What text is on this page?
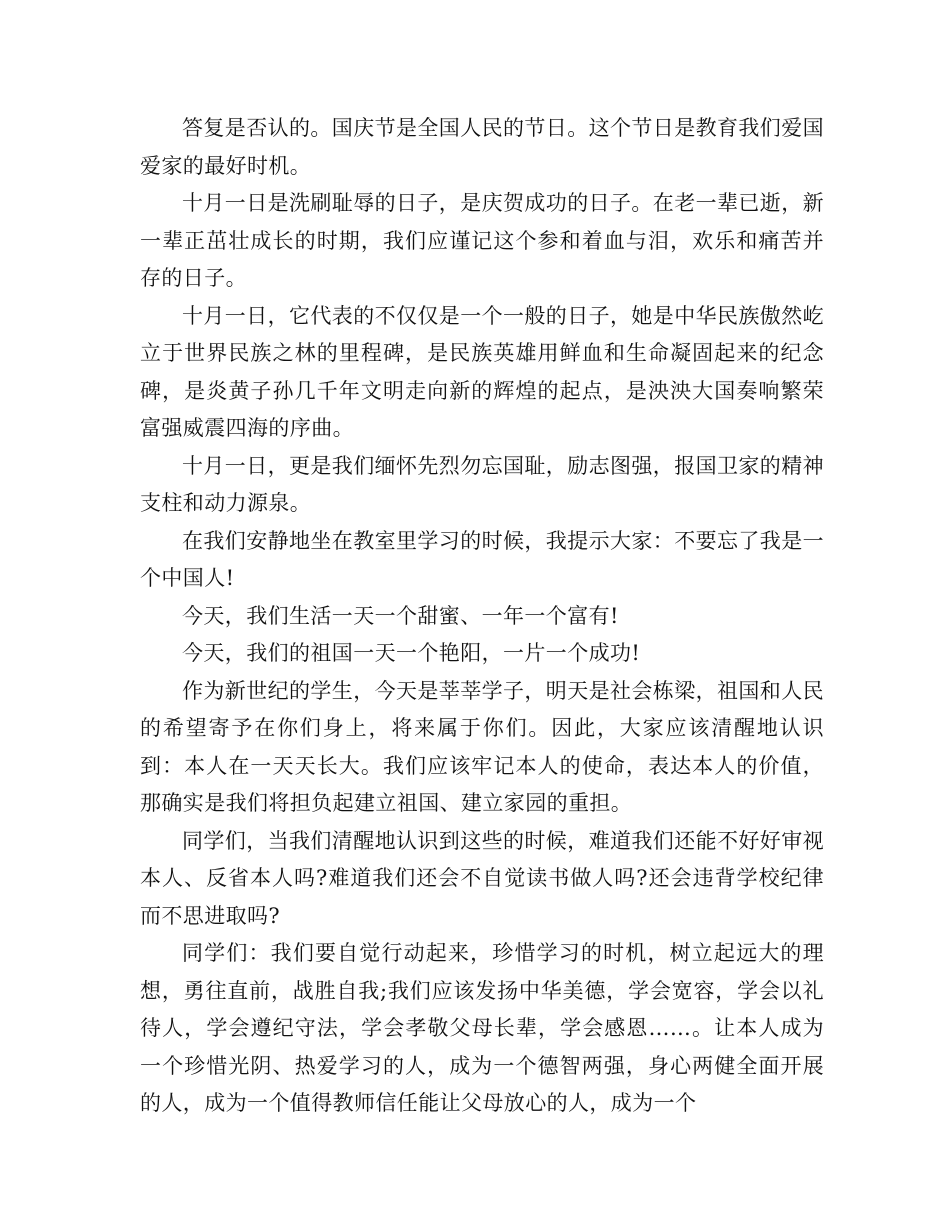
答复是否认的。国庆节是全国人民的节日。这个节日是教育我们爱国爱家的最好时机。

十月一日是洗刷耻辱的日子，是庆贺成功的日子。在老一辈已逝，新一辈正茁壮成长的时期，我们应谨记这个参和着血与泪，欢乐和痛苦并存的日子。

十月一日，它代表的不仅仅是一个一般的日子，她是中华民族傲然屹立于世界民族之林的里程碑，是民族英雄用鲜血和生命凝固起来的纪念碑，是炎黄子孙几千年文明走向新的辉煌的起点，是泱泱大国奏响繁荣富强威震四海的序曲。

十月一日，更是我们缅怀先烈勿忘国耻，励志图强，报国卫家的精神支柱和动力源泉。

在我们安静地坐在教室里学习的时候，我提示大家：不要忘了我是一个中国人!

今天，我们生活一天一个甜蜜、一年一个富有!

今天，我们的祖国一天一个艳阳，一片一个成功!

作为新世纪的学生，今天是莘莘学子，明天是社会栋梁，祖国和人民的希望寄予在你们身上，将来属于你们。因此，大家应该清醒地认识到：本人在一天天长大。我们应该牢记本人的使命，表达本人的价值，那确实是我们将担负起建立祖国、建立家园的重担。

同学们，当我们清醒地认识到这些的时候，难道我们还能不好好审视本人、反省本人吗?难道我们还会不自觉读书做人吗?还会违背学校纪律而不思进取吗?

同学们：我们要自觉行动起来，珍惜学习的时机，树立起远大的理想，勇往直前，战胜自我;我们应该发扬中华美德，学会宽容，学会以礼待人，学会遵纪守法，学会孝敬父母长辈，学会感恩……。让本人成为一个珍惜光阴、热爱学习的人，成为一个德智两强，身心两健全面开展的人，成为一个值得教师信任能让父母放心的人，成为一个
